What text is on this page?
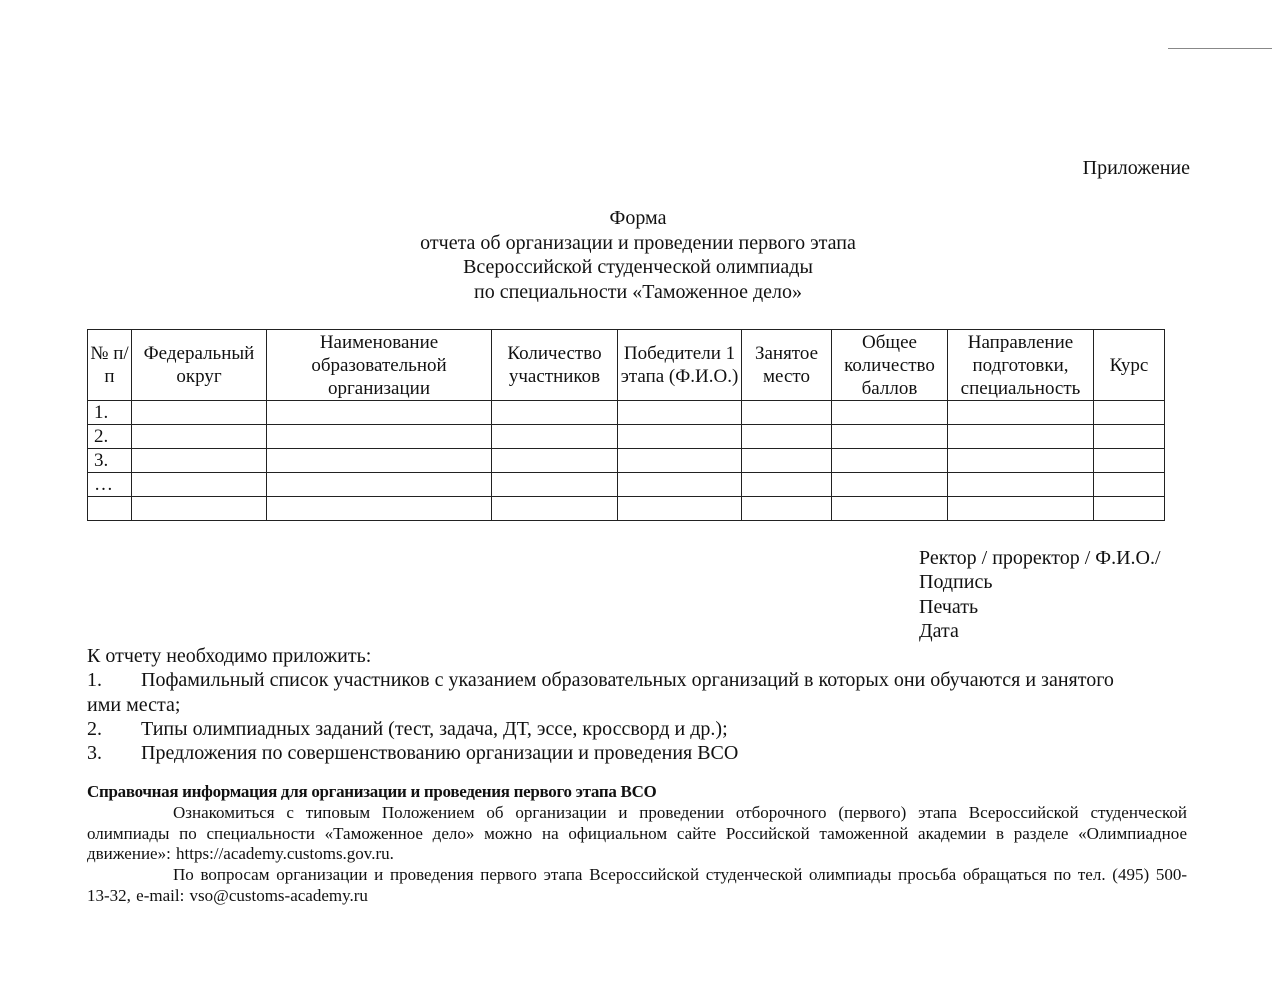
Приложение
Форма
отчета об организации и проведении первого этапа
Всероссийской студенческой олимпиады
по специальности «Таможенное дело»
№ п/п	Федеральный округ	Наименование образовательной организации	Количество участников	Победители 1 этапа (Ф.И.О.)	Занятое место	Общее количество баллов	Направление подготовки, специальность	Курс
1.								
2.								
3.								
…								

Ректор / проректор / Ф.И.О./
Подпись
Печать
Дата
К отчету необходимо приложить:
1.	Пофамильный список участников с указанием образовательных организаций в которых они обучаются и занятого
ими места;
2.	Типы олимпиадных заданий (тест, задача, ДТ, эссе, кроссворд и др.);
3.	Предложения по совершенствованию организации и проведения ВСО
Справочная информация для организации и проведения первого этапа ВСО

Ознакомиться с типовым Положением об организации и проведении отборочного (первого) этапа Всероссийской студенческой олимпиады по специальности «Таможенное дело» можно на официальном сайте Российской таможенной академии в разделе «Олимпиадное движение»: https://academy.customs.gov.ru.

По вопросам организации и проведения первого этапа Всероссийской студенческой олимпиады просьба обращаться по тел. (495) 500-13-32, e-mail: vso@customs-academy.ru
